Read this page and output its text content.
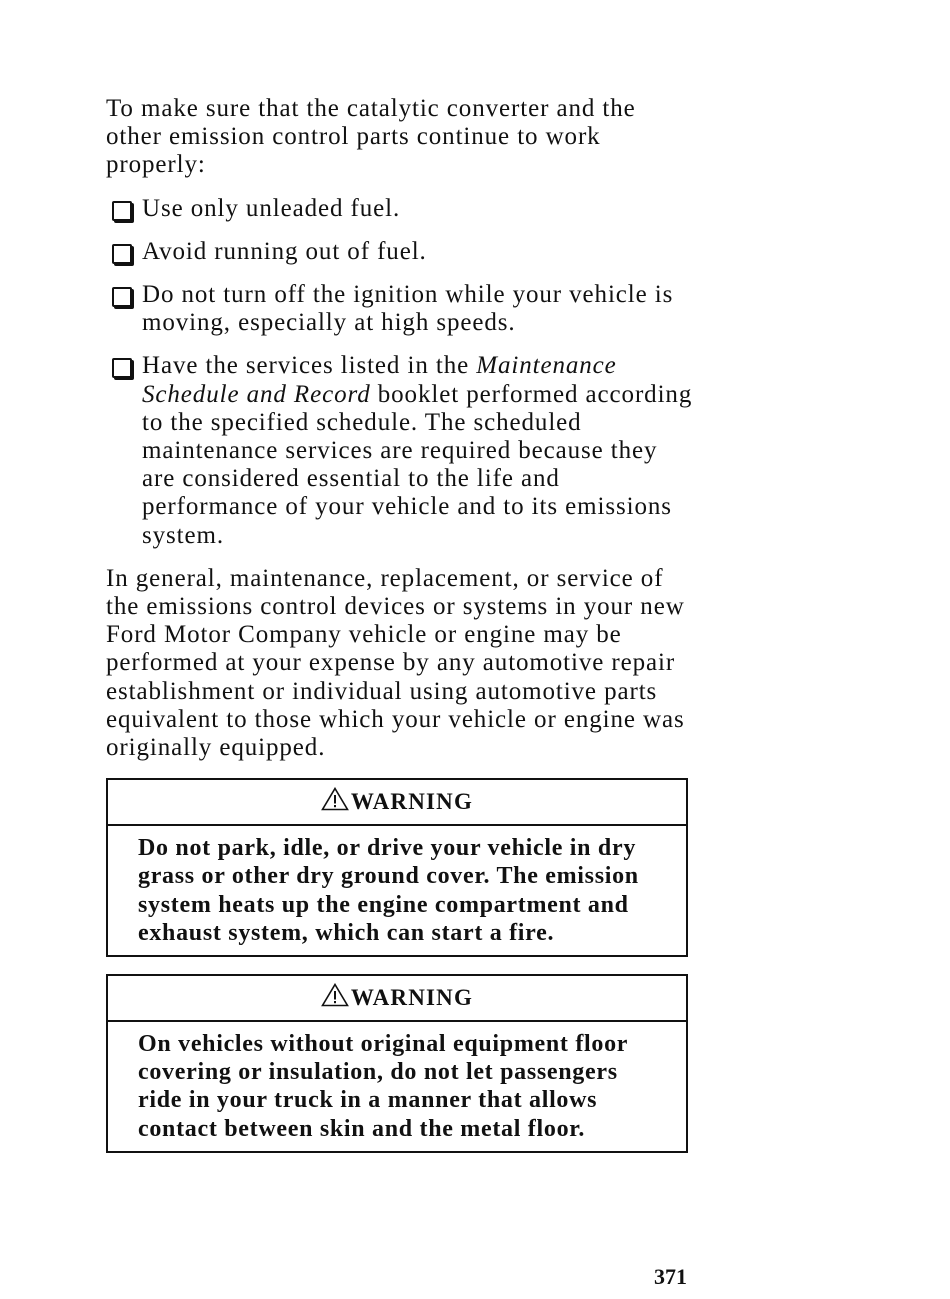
To make sure that the catalytic converter and the other emission control parts continue to work properly:

Use only unleaded fuel.
Avoid running out of fuel.
Do not turn off the ignition while your vehicle is moving, especially at high speeds.
Have the services listed in the Maintenance Schedule and Record booklet performed according to the specified schedule. The scheduled maintenance services are required because they are considered essential to the life and performance of your vehicle and to its emissions system.

In general, maintenance, replacement, or service of the emissions control devices or systems in your new Ford Motor Company vehicle or engine may be performed at your expense by any automotive repair establishment or individual using automotive parts equivalent to those which your vehicle or engine was originally equipped.

WARNING
Do not park, idle, or drive your vehicle in dry grass or other dry ground cover. The emission system heats up the engine compartment and exhaust system, which can start a fire.
WARNING
On vehicles without original equipment floor covering or insulation, do not let passengers ride in your truck in a manner that allows contact between skin and the metal floor.
371
